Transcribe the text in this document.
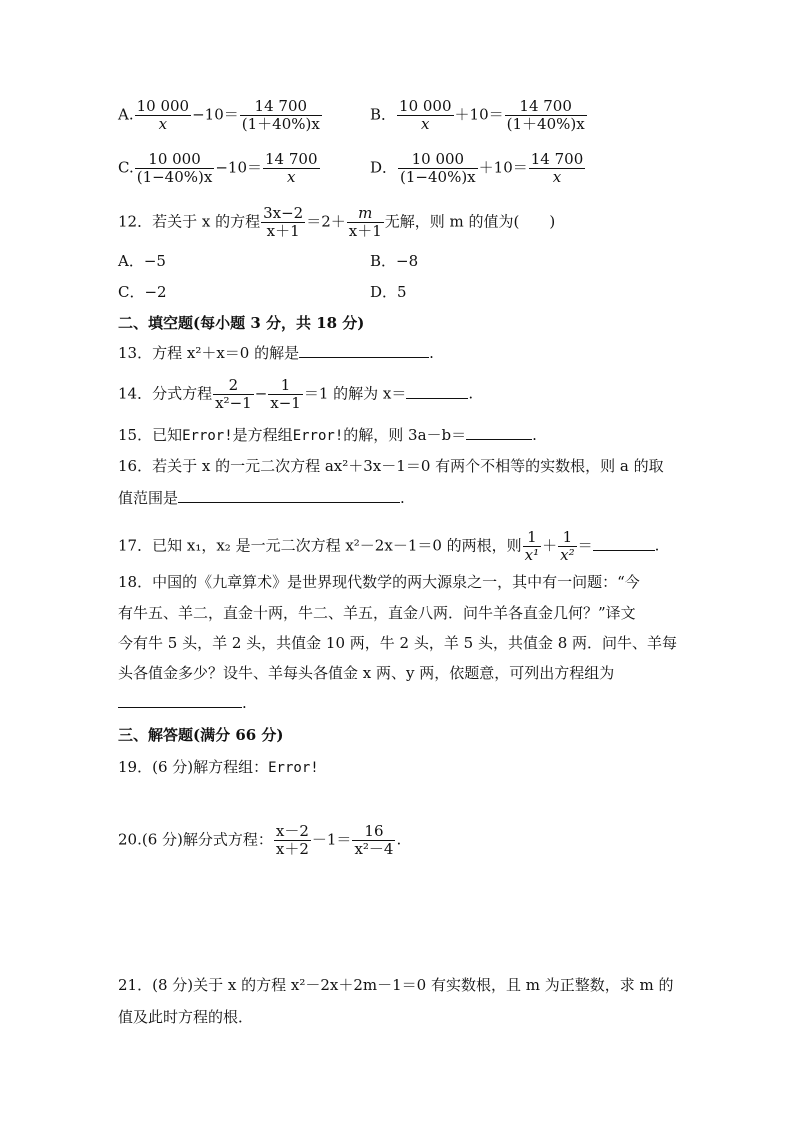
A. $\frac{10 000}{x} -10= \frac{14 700}{(1+40\%)x}$	B． $\frac{10 000}{x} +10= \frac{14 700}{(1+40\%)x}$
C. $\frac{10 000}{(1-40\%)x} -10= \frac{14 700}{x}$	D． $\frac{10 000}{(1-40\%)x} +10= \frac{14 700}{x}$
12．若关于 x 的方程 $\frac{3x-2}{x+1} =2+ \frac{m}{x+1}$ 无解，则 m 的值为(　　)
A．−5	B．−8
C．−2	D．5
二、填空题(每小题 3 分，共 18 分)
13．方程 x²＋x＝0 的解是	.
14．分式方程 $\frac{2}{\text{x²−1}} - \frac{1}{x-1} =1$ 的解为 x＝	.
15．已知Error!是方程组Error!的解，则 3a－b＝	.
16．若关于 x 的一元二次方程 ax²＋3x－1＝0 有两个不相等的实数根，则 a 的取
值范围是	.
17．已知 x₁，x₂ 是一元二次方程 x²－2x－1＝0 的两根，则 $\frac{1}{\text{x¹}} + \frac{1}{\text{x²}}$ ＝	.
18．中国的《九章算术》是世界现代数学的两大源泉之一，其中有一问题：“今
有牛五、羊二，直金十两，牛二、羊五，直金八两．问牛羊各直金几何？”译文
今有牛 5 头，羊 2 头，共值金 10 两，牛 2 头，羊 5 头，共值金 8 两．问牛、羊每
头各值金多少？设牛、羊每头各值金 x 两、y 两，依题意，可列出方程组为
.
三、解答题(满分 66 分)
19．(6 分)解方程组：Error!
20.(6 分)解分式方程： $\frac{x-2}{x+2} -1= \frac{16}{\text{x²－4}}$ .
21．(8 分)关于 x 的方程 x²－2x＋2m－1＝0 有实数根，且 m 为正整数，求 m 的
值及此时方程的根．
